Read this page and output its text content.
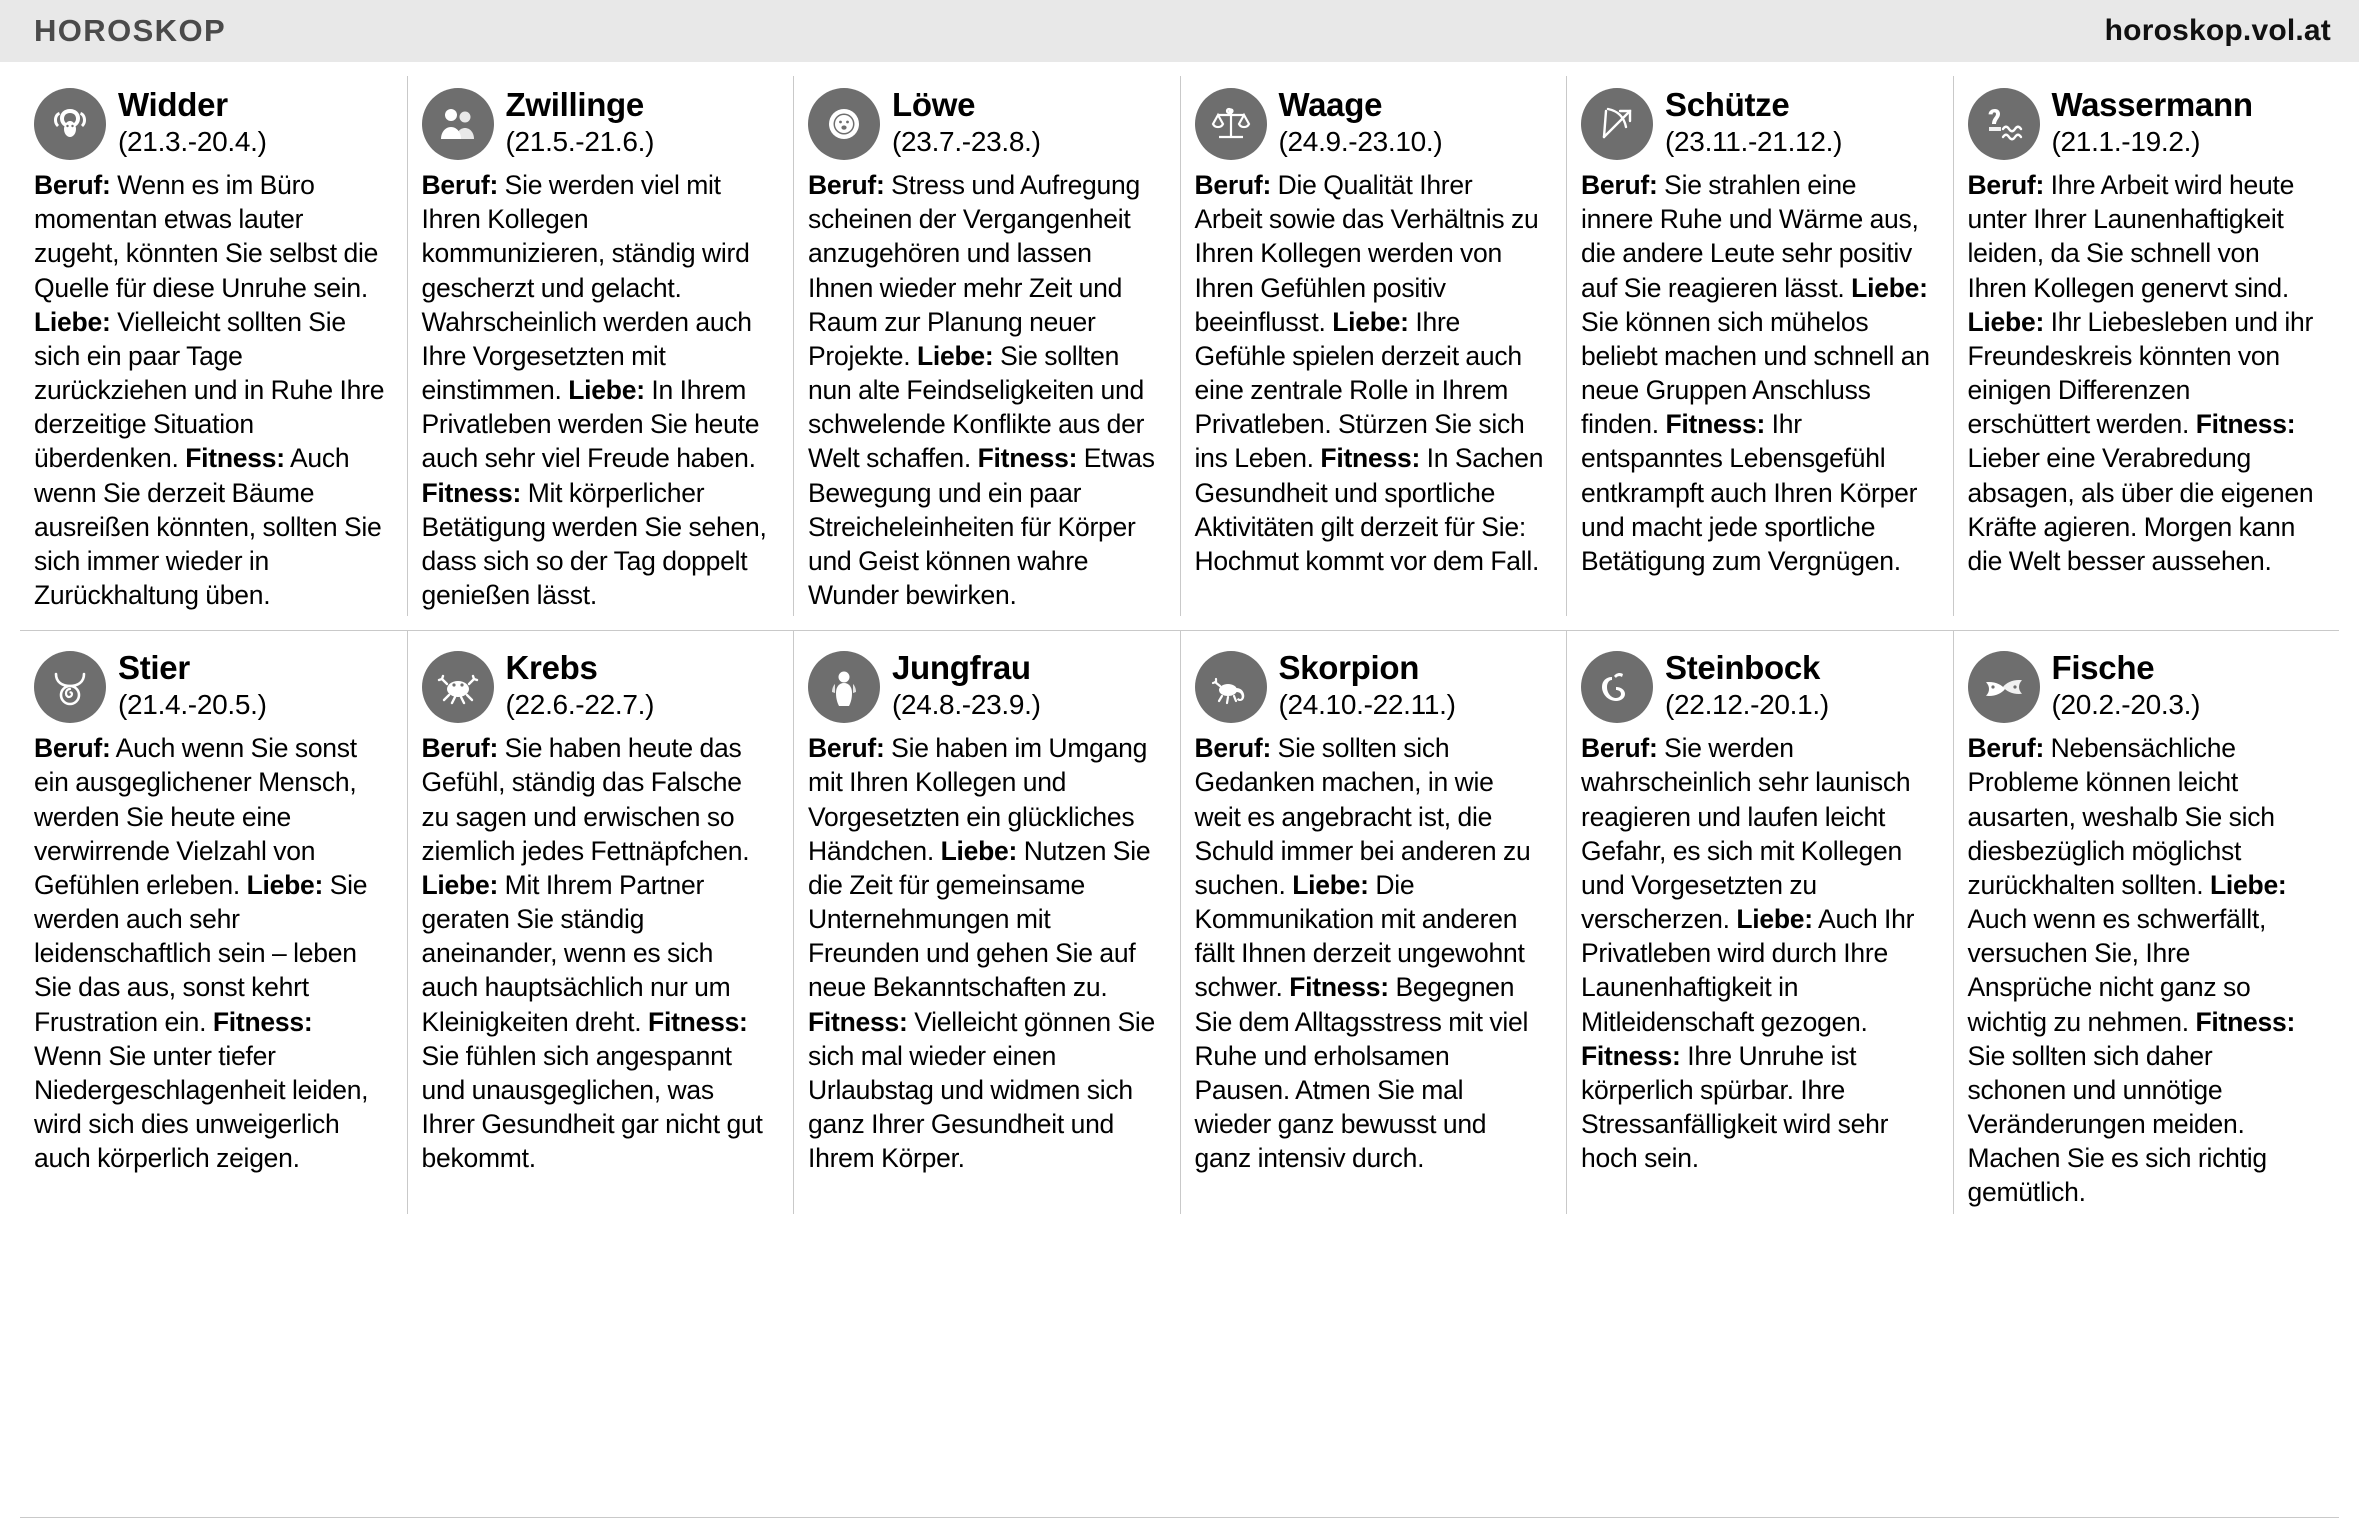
HOROSKOP	horoskop.vol.at
Widder
(21.3.-20.4.)
Beruf: Wenn es im Büro momentan etwas lauter zugeht, könnten Sie selbst die Quelle für diese Unruhe sein. Liebe: Vielleicht sollten Sie sich ein paar Tage zurückziehen und in Ruhe Ihre derzeitige Situation überdenken. Fitness: Auch wenn Sie derzeit Bäume ausreißen könnten, sollten Sie sich immer wieder in Zurückhaltung üben.
Zwillinge
(21.5.-21.6.)
Beruf: Sie werden viel mit Ihren Kollegen kommunizieren, ständig wird gescherzt und gelacht. Wahrscheinlich werden auch Ihre Vorgesetzten mit einstimmen. Liebe: In Ihrem Privatleben werden Sie heute auch sehr viel Freude haben. Fitness: Mit körperlicher Betätigung werden Sie sehen, dass sich so der Tag doppelt genießen lässt.
Löwe
(23.7.-23.8.)
Beruf: Stress und Aufregung scheinen der Vergangenheit anzugehören und lassen Ihnen wieder mehr Zeit und Raum zur Planung neuer Projekte. Liebe: Sie sollten nun alte Feindseligkeiten und schwelende Konflikte aus der Welt schaffen. Fitness: Etwas Bewegung und ein paar Streicheleinheiten für Körper und Geist können wahre Wunder bewirken.
Waage
(24.9.-23.10.)
Beruf: Die Qualität Ihrer Arbeit sowie das Verhältnis zu Ihren Kollegen werden von Ihren Gefühlen positiv beeinflusst. Liebe: Ihre Gefühle spielen derzeit auch eine zentrale Rolle in Ihrem Privatleben. Stürzen Sie sich ins Leben. Fitness: In Sachen Gesundheit und sportliche Aktivitäten gilt derzeit für Sie: Hochmut kommt vor dem Fall.
Schütze
(23.11.-21.12.)
Beruf: Sie strahlen eine innere Ruhe und Wärme aus, die andere Leute sehr positiv auf Sie reagieren lässt. Liebe: Sie können sich mühelos beliebt machen und schnell an neue Gruppen Anschluss finden. Fitness: Ihr entspanntes Lebensgefühl entkrampft auch Ihren Körper und macht jede sportliche Betätigung zum Vergnügen.
Wassermann
(21.1.-19.2.)
Beruf: Ihre Arbeit wird heute unter Ihrer Launenhaftigkeit leiden, da Sie schnell von Ihren Kollegen genervt sind. Liebe: Ihr Liebesleben und ihr Freundeskreis könnten von einigen Differenzen erschüttert werden. Fitness: Lieber eine Verabredung absagen, als über die eigenen Kräfte agieren. Morgen kann die Welt besser aussehen.
Stier
(21.4.-20.5.)
Beruf: Auch wenn Sie sonst ein ausgeglichener Mensch, werden Sie heute eine verwirrende Vielzahl von Gefühlen erleben. Liebe: Sie werden auch sehr leidenschaftlich sein – leben Sie das aus, sonst kehrt Frustration ein. Fitness: Wenn Sie unter tiefer Niedergeschlagenheit leiden, wird sich dies unweigerlich auch körperlich zeigen.
Krebs
(22.6.-22.7.)
Beruf: Sie haben heute das Gefühl, ständig das Falsche zu sagen und erwischen so ziemlich jedes Fettnäpfchen. Liebe: Mit Ihrem Partner geraten Sie ständig aneinander, wenn es sich auch hauptsächlich nur um Kleinigkeiten dreht. Fitness: Sie fühlen sich angespannt und unausgeglichen, was Ihrer Gesundheit gar nicht gut bekommt.
Jungfrau
(24.8.-23.9.)
Beruf: Sie haben im Umgang mit Ihren Kollegen und Vorgesetzten ein glückliches Händchen. Liebe: Nutzen Sie die Zeit für gemeinsame Unternehmungen mit Freunden und gehen Sie auf neue Bekanntschaften zu. Fitness: Vielleicht gönnen Sie sich mal wieder einen Urlaubstag und widmen sich ganz Ihrer Gesundheit und Ihrem Körper.
Skorpion
(24.10.-22.11.)
Beruf: Sie sollten sich Gedanken machen, in wie weit es angebracht ist, die Schuld immer bei anderen zu suchen. Liebe: Die Kommunikation mit anderen fällt Ihnen derzeit ungewohnt schwer. Fitness: Begegnen Sie dem Alltagsstress mit viel Ruhe und erholsamen Pausen. Atmen Sie mal wieder ganz bewusst und ganz intensiv durch.
Steinbock
(22.12.-20.1.)
Beruf: Sie werden wahrscheinlich sehr launisch reagieren und laufen leicht Gefahr, es sich mit Kollegen und Vorgesetzten zu verscherzen. Liebe: Auch Ihr Privatleben wird durch Ihre Launenhaftigkeit in Mitleidenschaft gezogen. Fitness: Ihre Unruhe ist körperlich spürbar. Ihre Stressanfälligkeit wird sehr hoch sein.
Fische
(20.2.-20.3.)
Beruf: Nebensächliche Probleme können leicht ausarten, weshalb Sie sich diesbezüglich möglichst zurückhalten sollten. Liebe: Auch wenn es schwerfällt, versuchen Sie, Ihre Ansprüche nicht ganz so wichtig zu nehmen. Fitness: Sie sollten sich daher schonen und unnötige Veränderungen meiden. Machen Sie es sich richtig gemütlich.
